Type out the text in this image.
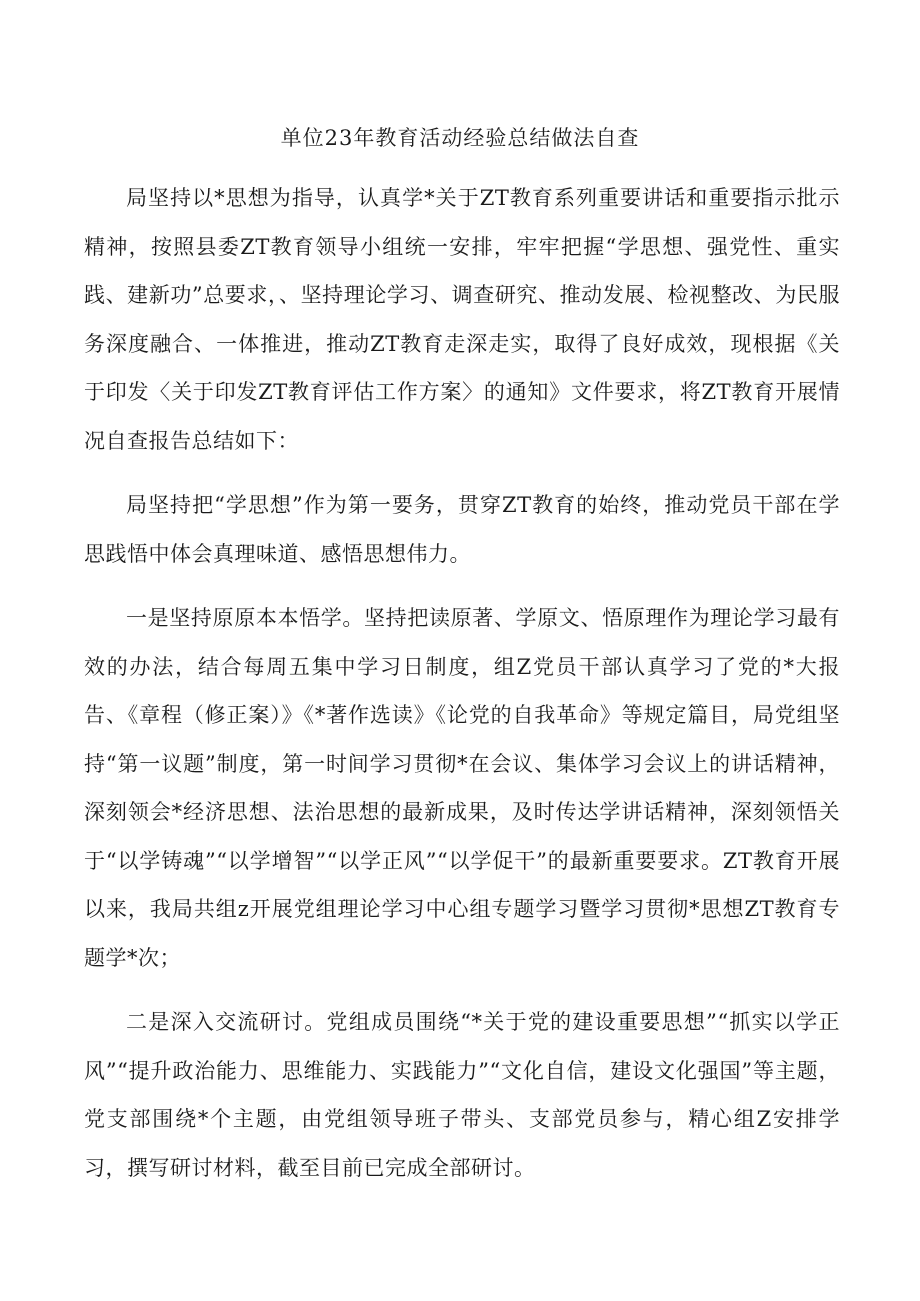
单位23年教育活动经验总结做法自查

局坚持以*思想为指导，认真学*关于ZT教育系列重要讲话和重要指示批示精神，按照县委ZT教育领导小组统一安排，牢牢把握“学思想、强党性、重实践、建新功”总要求，、坚持理论学习、调查研究、推动发展、检视整改、为民服务深度融合、一体推进，推动ZT教育走深走实，取得了良好成效，现根据《关于印发〈关于印发ZT教育评估工作方案〉的通知》文件要求，将ZT教育开展情况自查报告总结如下：

局坚持把“学思想”作为第一要务，贯穿ZT教育的始终，推动党员干部在学思践悟中体会真理味道、感悟思想伟力。

一是坚持原原本本悟学。坚持把读原著、学原文、悟原理作为理论学习最有效的办法，结合每周五集中学习日制度，组Z党员干部认真学习了党的*大报告、《章程（修正案）》《*著作选读》《论党的自我革命》等规定篇目，局党组坚持“第一议题”制度，第一时间学习贯彻*在会议、集体学习会议上的讲话精神，深刻领会*经济思想、法治思想的最新成果，及时传达学讲话精神，深刻领悟关于“以学铸魂”“以学增智”“以学正风”“以学促干”的最新重要要求。ZT教育开展以来，我局共组z开展党组理论学习中心组专题学习暨学习贯彻*思想ZT教育专题学*次；

二是深入交流研讨。党组成员围绕“*关于党的建设重要思想”“抓实以学正风”“提升政治能力、思维能力、实践能力”“文化自信，建设文化强国”等主题，党支部围绕*个主题，由党组领导班子带头、支部党员参与，精心组Z安排学习，撰写研讨材料，截至目前已完成全部研讨。
